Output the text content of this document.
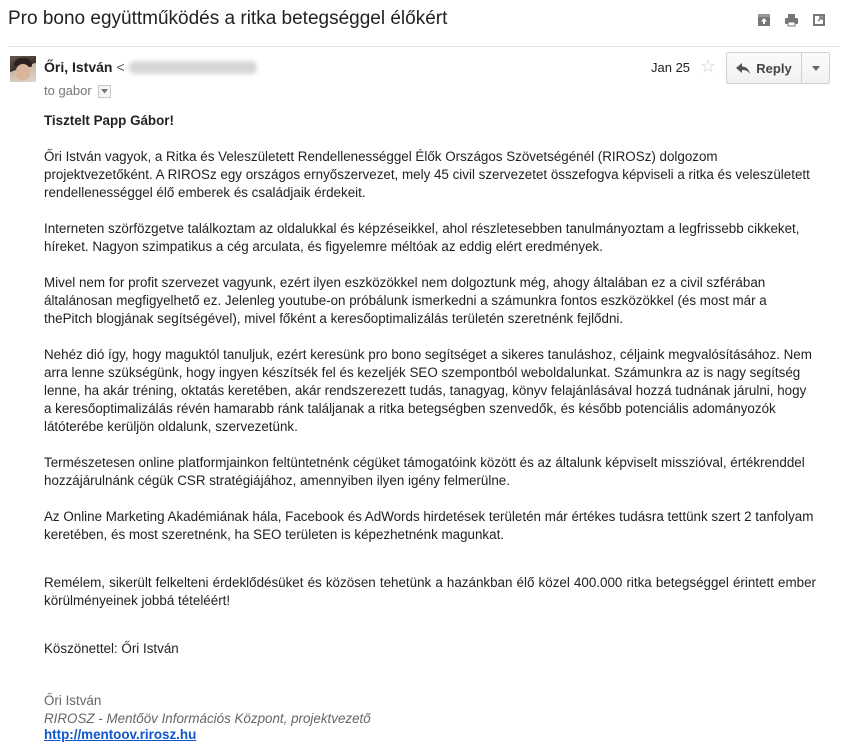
Pro bono együttműködés a ritka betegséggel élőkért
Őri, István <
to gabor
Jan 25 ☆	Reply

Tisztelt Papp Gábor!

Őri István vagyok, a Ritka és Veleszületett Rendellenességgel Élők Országos Szövetségénél (RIROSz) dolgozom projektvezetőként. A RIROSz egy országos ernyőszervezet, mely 45 civil szervezetet összefogva képviseli a ritka és veleszületett rendellenességgel élő emberek és családjaik érdekeit.

Interneten szörfözgetve találkoztam az oldalukkal és képzéseikkel, ahol részletesebben tanulmányoztam a legfrissebb cikkeket, híreket. Nagyon szimpatikus a cég arculata, és figyelemre méltóak az eddig elért eredmények.

Mivel nem for profit szervezet vagyunk, ezért ilyen eszközökkel nem dolgoztunk még, ahogy általában ez a civil szférában általánosan megfigyelhető ez. Jelenleg youtube-on próbálunk ismerkedni a számunkra fontos eszközökkel (és most már a thePitch blogjának segítségével), mivel főként a keresőoptimalizálás területén szeretnénk fejlődni.

Nehéz dió így, hogy maguktól tanuljuk, ezért keresünk pro bono segítséget a sikeres tanuláshoz, céljaink megvalósításához. Nem arra lenne szükségünk, hogy ingyen készítsék fel és kezeljék SEO szempontból weboldalunkat. Számunkra az is nagy segítség lenne, ha akár tréning, oktatás keretében, akár rendszerezett tudás, tanagyag, könyv felajánlásával hozzá tudnának járulni, hogy a keresőoptimalizálás révén hamarabb ránk találjanak a ritka betegségben szenvedők, és később potenciális adományozók látóterébe kerüljön oldalunk, szervezetünk.

Természetesen online platformjainkon feltüntetnénk cégüket támogatóink között és az általunk képviselt misszióval, értékrenddel hozzájárulnánk cégük CSR stratégiájához, amennyiben ilyen igény felmerülne.

Az Online Marketing Akadémiának hála, Facebook és AdWords hirdetések területén már értékes tudásra tettünk szert 2 tanfolyam keretében, és most szeretnénk, ha SEO területen is képezhetnénk magunkat.

Remélem, sikerült felkelteni érdeklődésüket és közösen tehetünk a hazánkban élő közel 400.000 ritka betegséggel érintett ember körülményeinek jobbá tételéért!

Köszönettel: Őri István

Őri István

RIROSZ - Mentőöv Információs Központ, projektvezető

http://mentoov.rirosz.hu
